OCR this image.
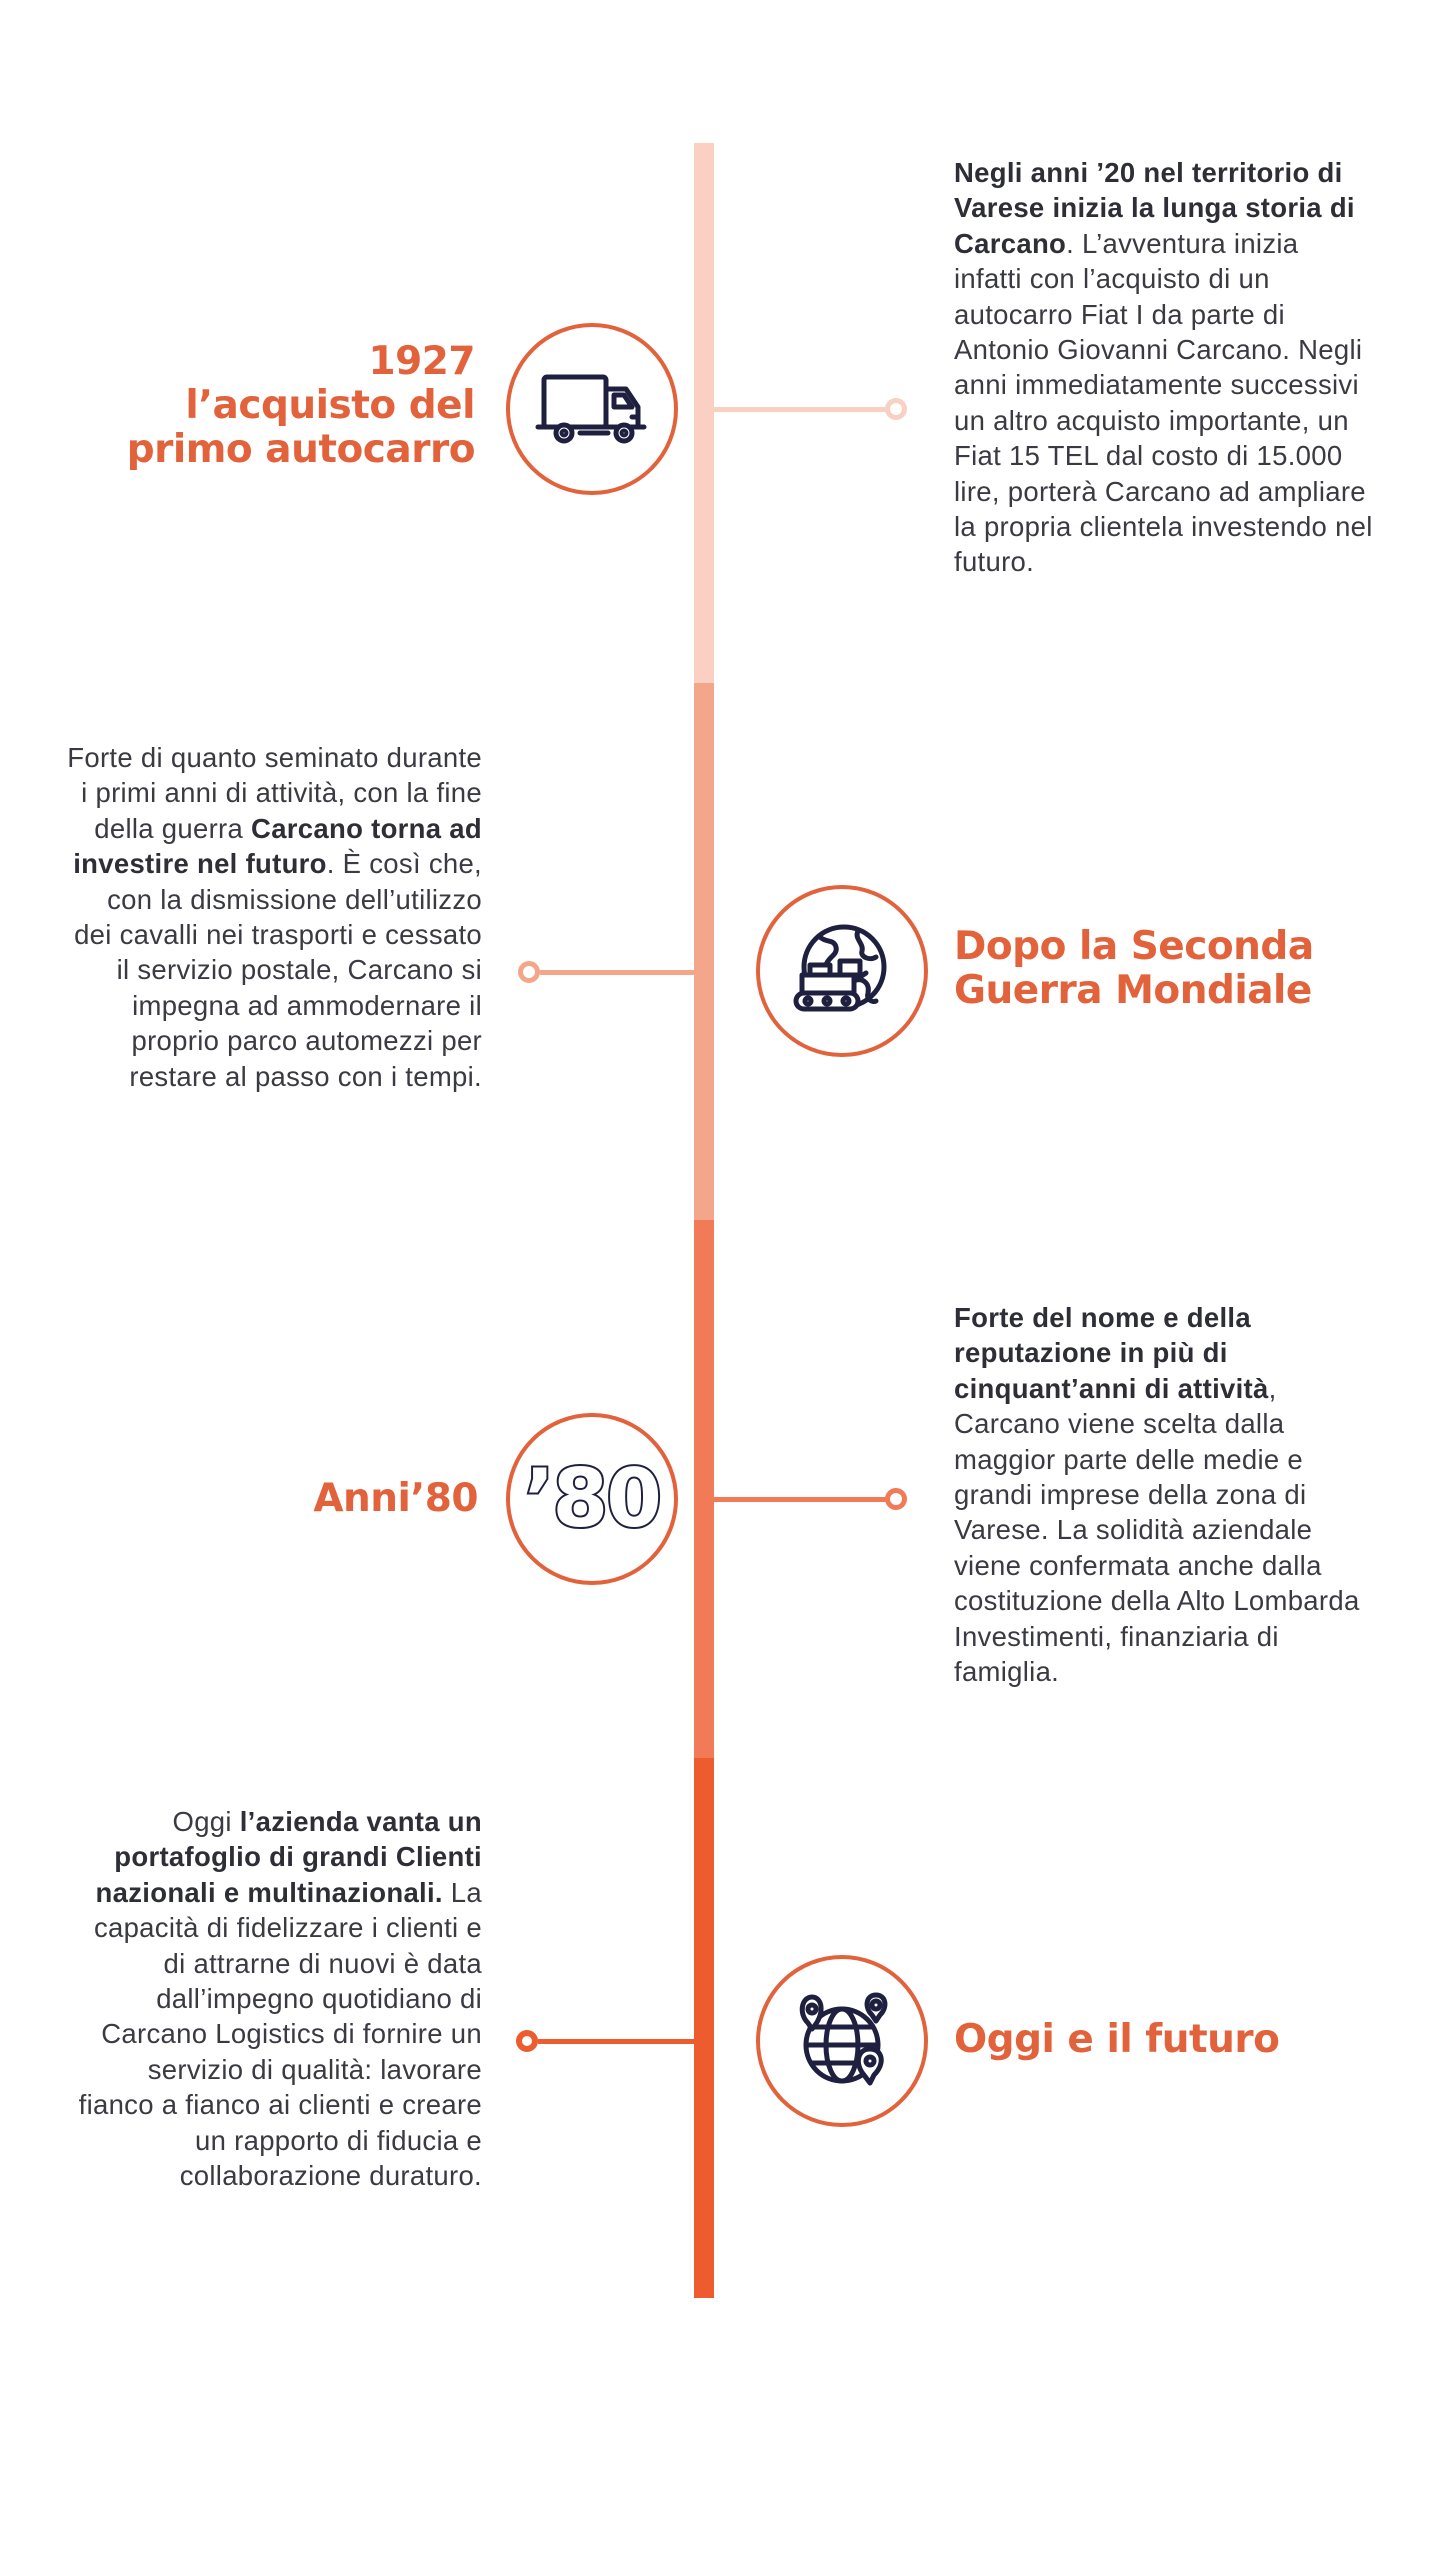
1927
l’acquisto del
primo autocarro
Negli anni ’20 nel territorio di Varese inizia la lunga storia di Carcano. L’avventura inizia infatti con l’acquisto di un autocarro Fiat I da parte di Antonio Giovanni Carcano. Negli anni immediatamente successivi un altro acquisto importante, un Fiat 15 TEL dal costo di 15.000 lire, porterà Carcano ad ampliare la propria clientela investendo nel futuro.
Forte di quanto seminato durante i primi anni di attività, con la fine della guerra Carcano torna ad investire nel futuro. È così che, con la dismissione dell’utilizzo dei cavalli nei trasporti e cessato il servizio postale, Carcano si impegna ad ammodernare il proprio parco automezzi per restare al passo con i tempi.
Dopo la Seconda
Guerra Mondiale
Anni’80 ’80
Forte del nome e della reputazione in più di cinquant’anni di attività, Carcano viene scelta dalla maggior parte delle medie e grandi imprese della zona di Varese. La solidità aziendale viene confermata anche dalla costituzione della Alto Lombarda Investimenti, finanziaria di famiglia.
Oggi l’azienda vanta un portafoglio di grandi Clienti nazionali e multinazionali. La capacità di fidelizzare i clienti e di attrarne di nuovi è data dall’impegno quotidiano di Carcano Logistics di fornire un servizio di qualità: lavorare fianco a fianco ai clienti e creare un rapporto di fiducia e collaborazione duraturo.
Oggi e il futuro
